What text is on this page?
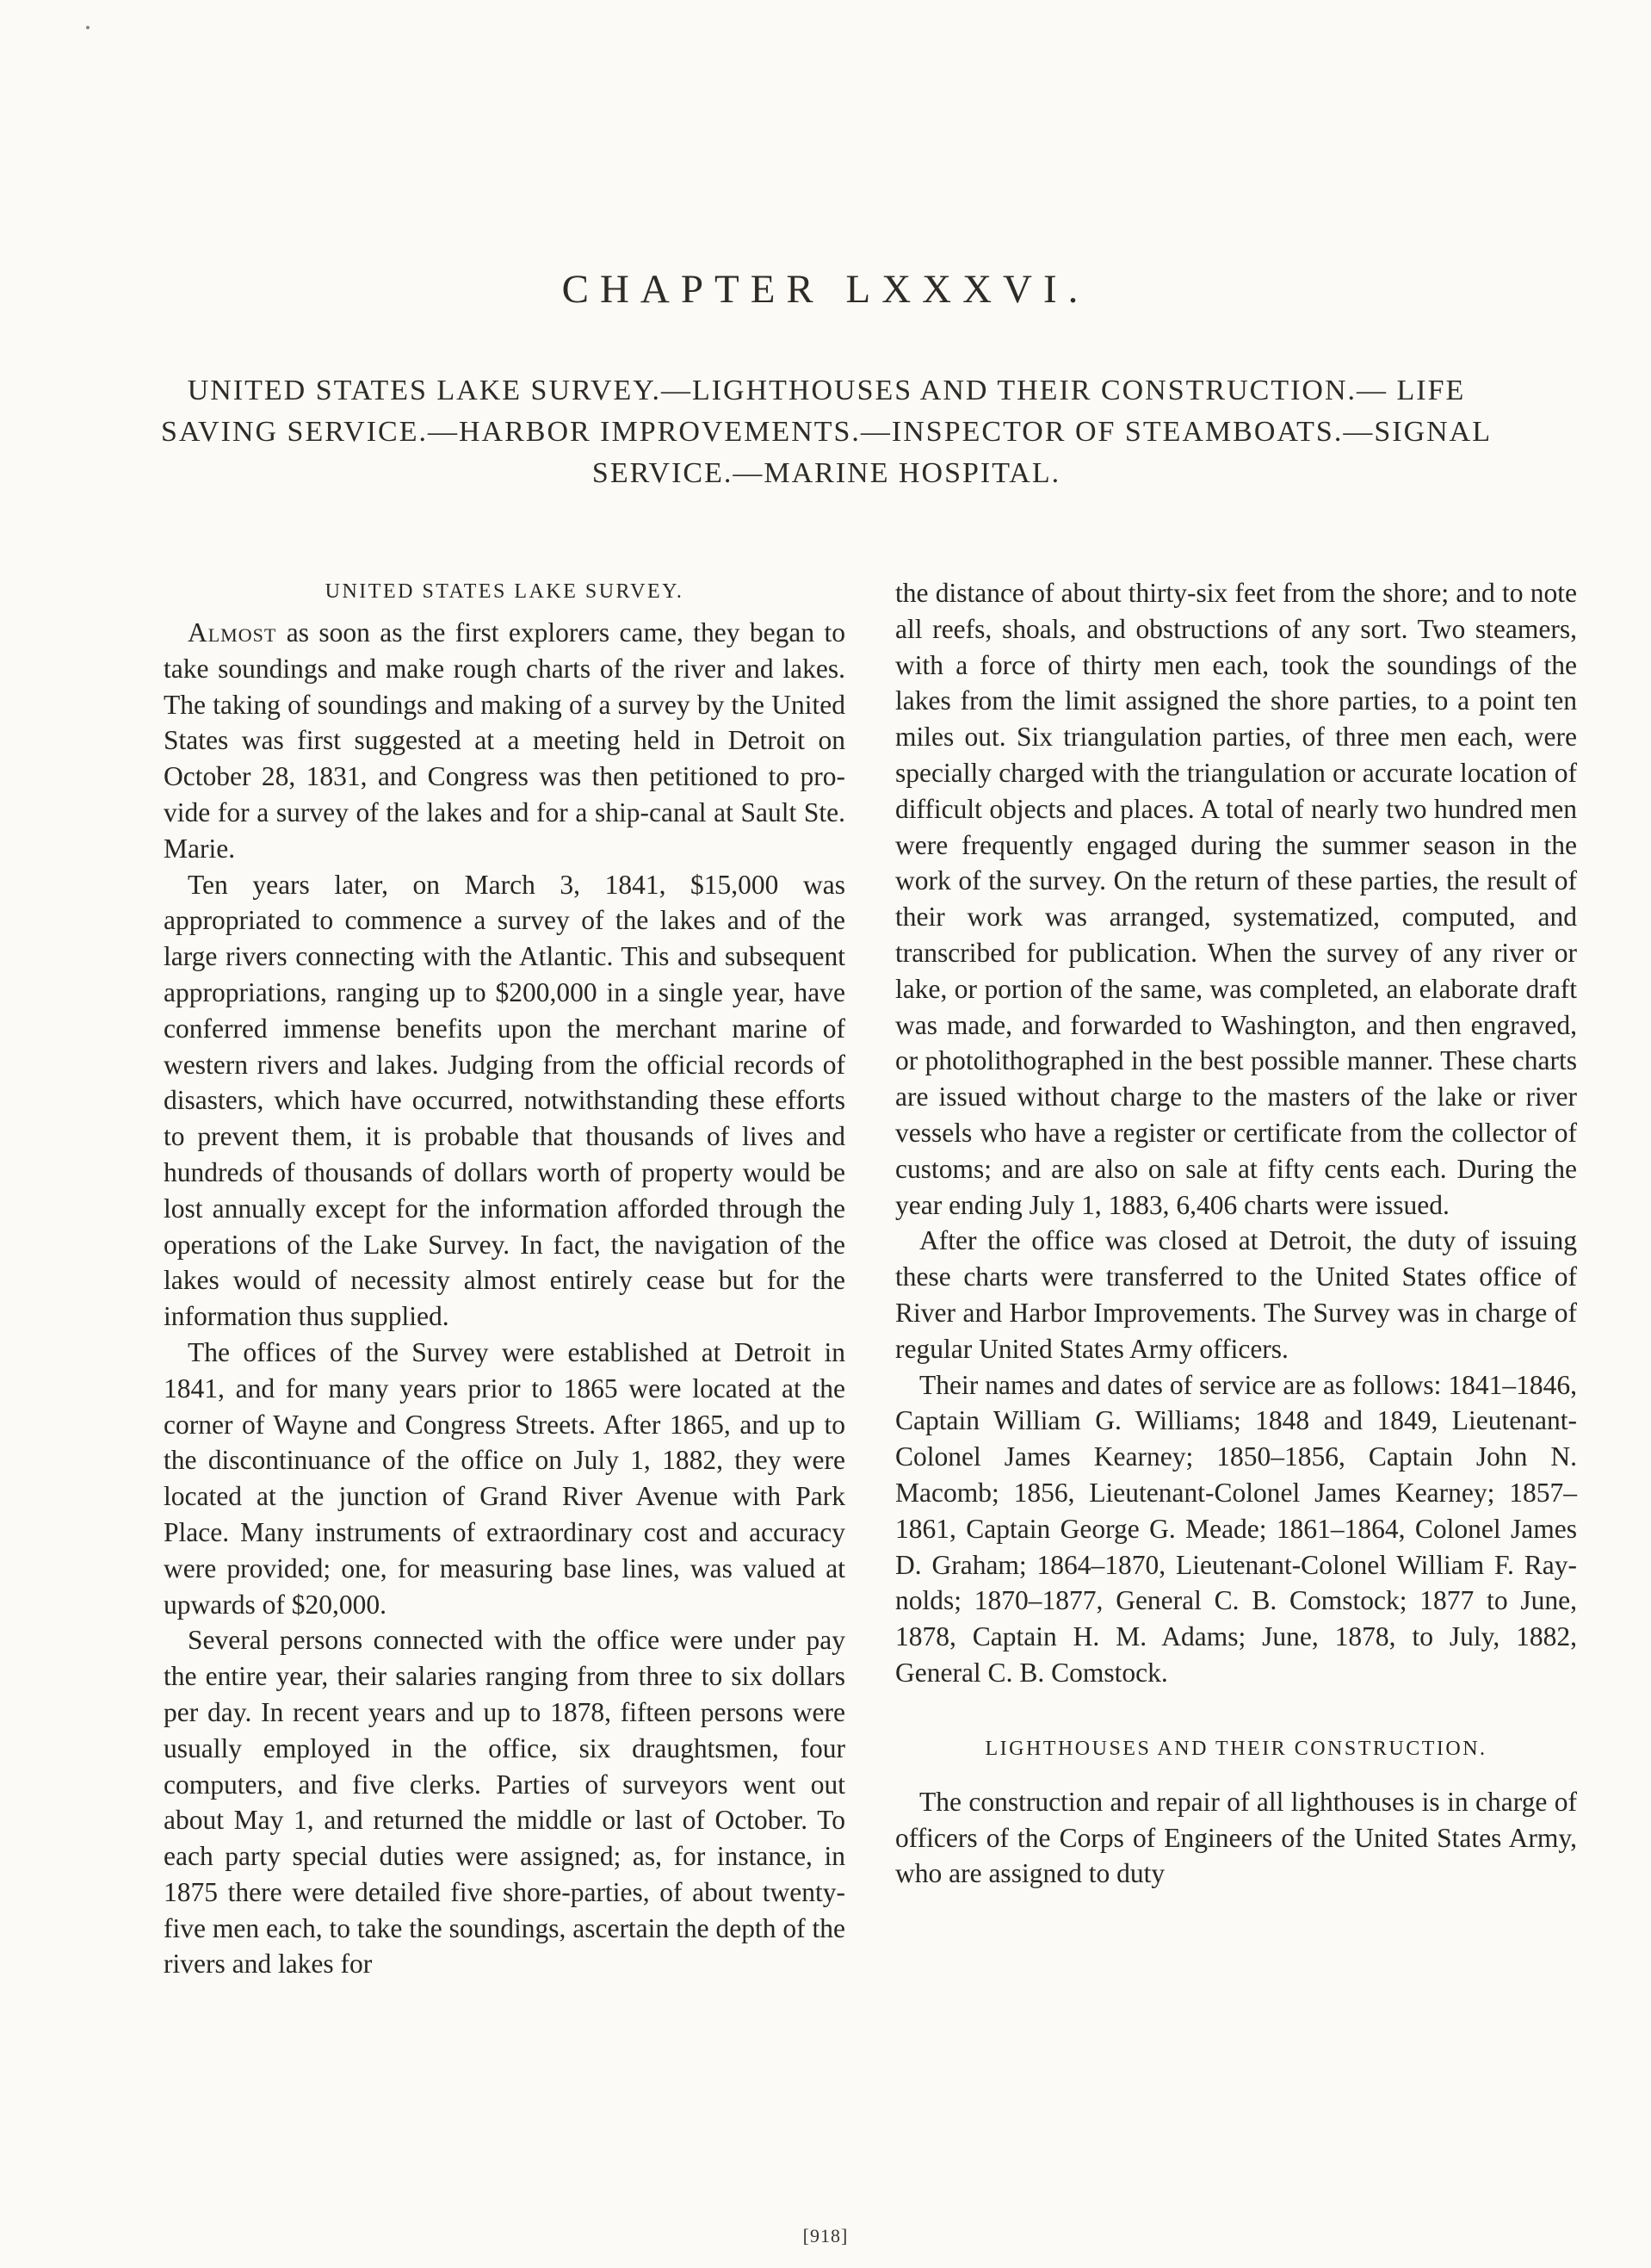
CHAPTER LXXXVI.
UNITED STATES LAKE SURVEY.—LIGHTHOUSES AND THEIR CONSTRUCTION.— LIFE SAVING SERVICE.—HARBOR IMPROVEMENTS.—INSPECTOR OF STEAMBOATS.—SIGNAL SERVICE.—MARINE HOSPITAL.
UNITED STATES LAKE SURVEY.

Almost as soon as the first explorers came, they began to take soundings and make rough charts of the river and lakes. The taking of soundings and making of a survey by the United States was first suggested at a meeting held in Detroit on October 28, 1831, and Congress was then petitioned to provide for a survey of the lakes and for a ship-canal at Sault Ste. Marie.

Ten years later, on March 3, 1841, $15,000 was appropriated to commence a survey of the lakes and of the large rivers connecting with the Atlantic. This and subsequent appropriations, ranging up to $200,000 in a single year, have conferred immense benefits upon the merchant marine of western rivers and lakes. Judging from the official records of disasters, which have occurred, notwithstanding these efforts to prevent them, it is probable that thousands of lives and hundreds of thousands of dollars worth of property would be lost annually except for the information afforded through the operations of the Lake Survey. In fact, the navigation of the lakes would of necessity almost entirely cease but for the information thus supplied.

The offices of the Survey were established at Detroit in 1841, and for many years prior to 1865 were located at the corner of Wayne and Congress Streets. After 1865, and up to the discontinuance of the office on July 1, 1882, they were located at the junction of Grand River Avenue with Park Place. Many instruments of extraordinary cost and accuracy were provided; one, for measuring base lines, was valued at upwards of $20,000.

Several persons connected with the office were under pay the entire year, their salaries ranging from three to six dollars per day. In recent years and up to 1878, fifteen persons were usually employed in the office, six draughtsmen, four computers, and five clerks. Parties of surveyors went out about May 1, and returned the middle or last of October. To each party special duties were assigned; as, for instance, in 1875 there were detailed five shore-parties, of about twenty-five men each, to take the soundings, ascertain the depth of the rivers and lakes for

the distance of about thirty-six feet from the shore; and to note all reefs, shoals, and obstructions of any sort. Two steamers, with a force of thirty men each, took the soundings of the lakes from the limit assigned the shore parties, to a point ten miles out. Six triangulation parties, of three men each, were specially charged with the triangulation or accurate location of difficult objects and places. A total of nearly two hundred men were frequently engaged during the summer season in the work of the survey. On the return of these parties, the result of their work was arranged, systematized, computed, and transcribed for publication. When the survey of any river or lake, or portion of the same, was completed, an elaborate draft was made, and forwarded to Washington, and then engraved, or photolithographed in the best possible manner. These charts are issued without charge to the masters of the lake or river vessels who have a register or certificate from the collector of customs; and are also on sale at fifty cents each. During the year ending July 1, 1883, 6,406 charts were issued.

After the office was closed at Detroit, the duty of issuing these charts were transferred to the United States office of River and Harbor Improvements. The Survey was in charge of regular United States Army officers.

Their names and dates of service are as follows: 1841–1846, Captain William G. Williams; 1848 and 1849, Lieutenant-Colonel James Kearney; 1850–1856, Captain John N. Macomb; 1856, Lieutenant-Colonel James Kearney; 1857–1861, Captain George G. Meade; 1861–1864, Colonel James D. Graham; 1864–1870, Lieutenant-Colonel William F. Raynolds; 1870–1877, General C. B. Comstock; 1877 to June, 1878, Captain H. M. Adams; June, 1878, to July, 1882, General C. B. Comstock.

LIGHTHOUSES AND THEIR CONSTRUCTION.

The construction and repair of all lighthouses is in charge of officers of the Corps of Engineers of the United States Army, who are assigned to duty

[918]
